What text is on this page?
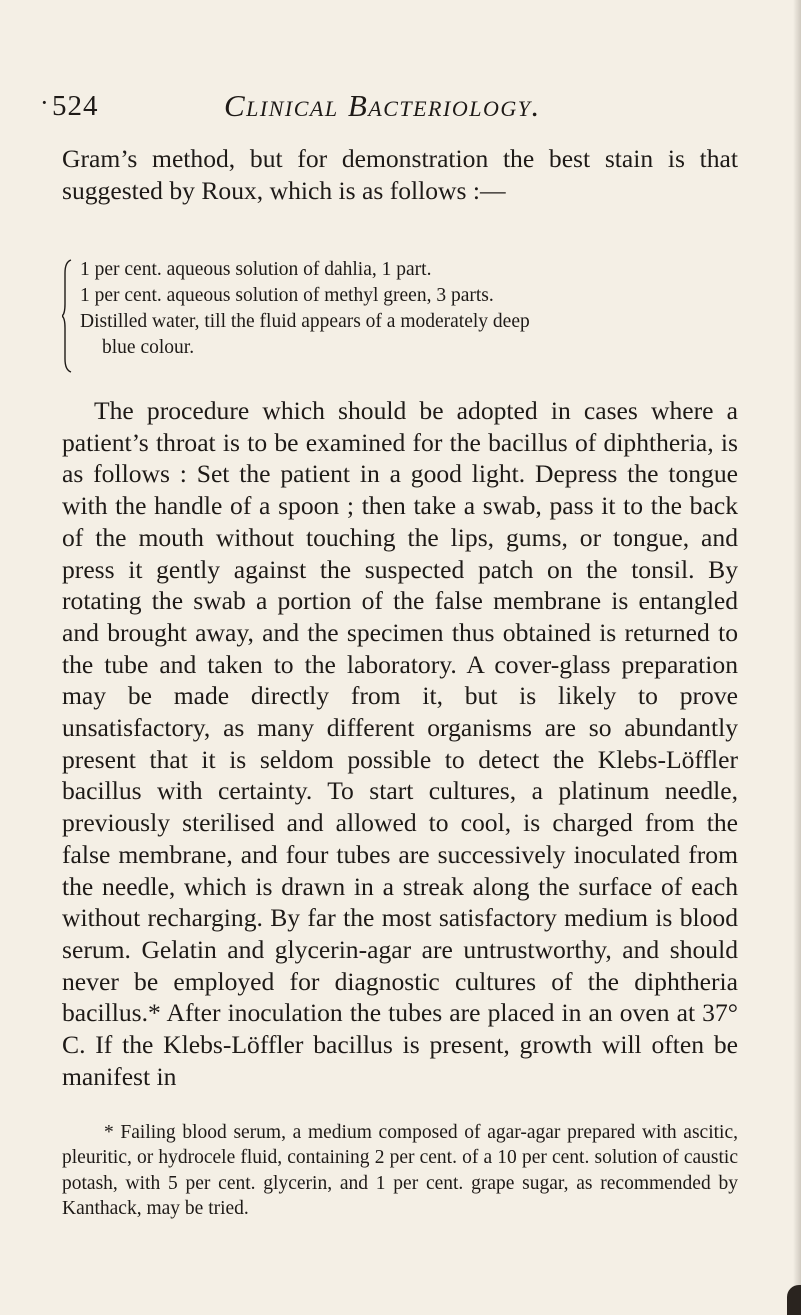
· 524	Clinical Bacteriology.

Gram’s method, but for demonstration the best stain is that suggested by Roux, which is as follows :—

1 per cent. aqueous solution of dahlia, 1 part.

1 per cent. aqueous solution of methyl green, 3 parts.

Distilled water, till the fluid appears of a moderately deep

blue colour.

The procedure which should be adopted in cases where a patient’s throat is to be examined for the bacillus of diphtheria, is as follows : Set the patient in a good light. Depress the tongue with the handle of a spoon ; then take a swab, pass it to the back of the mouth without touching the lips, gums, or tongue, and press it gently against the suspected patch on the tonsil. By rotating the swab a portion of the false membrane is entangled and brought away, and the specimen thus obtained is returned to the tube and taken to the laboratory. A cover-glass preparation may be made directly from it, but is likely to prove unsatisfactory, as many different organisms are so abundantly present that it is seldom possible to detect the Klebs-Löffler bacillus with certainty. To start cultures, a platinum needle, previously sterilised and allowed to cool, is charged from the false membrane, and four tubes are successively inoculated from the needle, which is drawn in a streak along the surface of each without recharging. By far the most satisfactory medium is blood serum. Gelatin and glycerin-agar are untrustworthy, and should never be employed for diagnostic cultures of the diphtheria bacillus.* After inoculation the tubes are placed in an oven at 37° C. If the Klebs-Löffler bacillus is present, growth will often be manifest in

* Failing blood serum, a medium composed of agar-agar prepared with ascitic, pleuritic, or hydrocele fluid, containing 2 per cent. of a 10 per cent. solution of caustic potash, with 5 per cent. glycerin, and 1 per cent. grape sugar, as recommended by Kanthack, may be tried.
